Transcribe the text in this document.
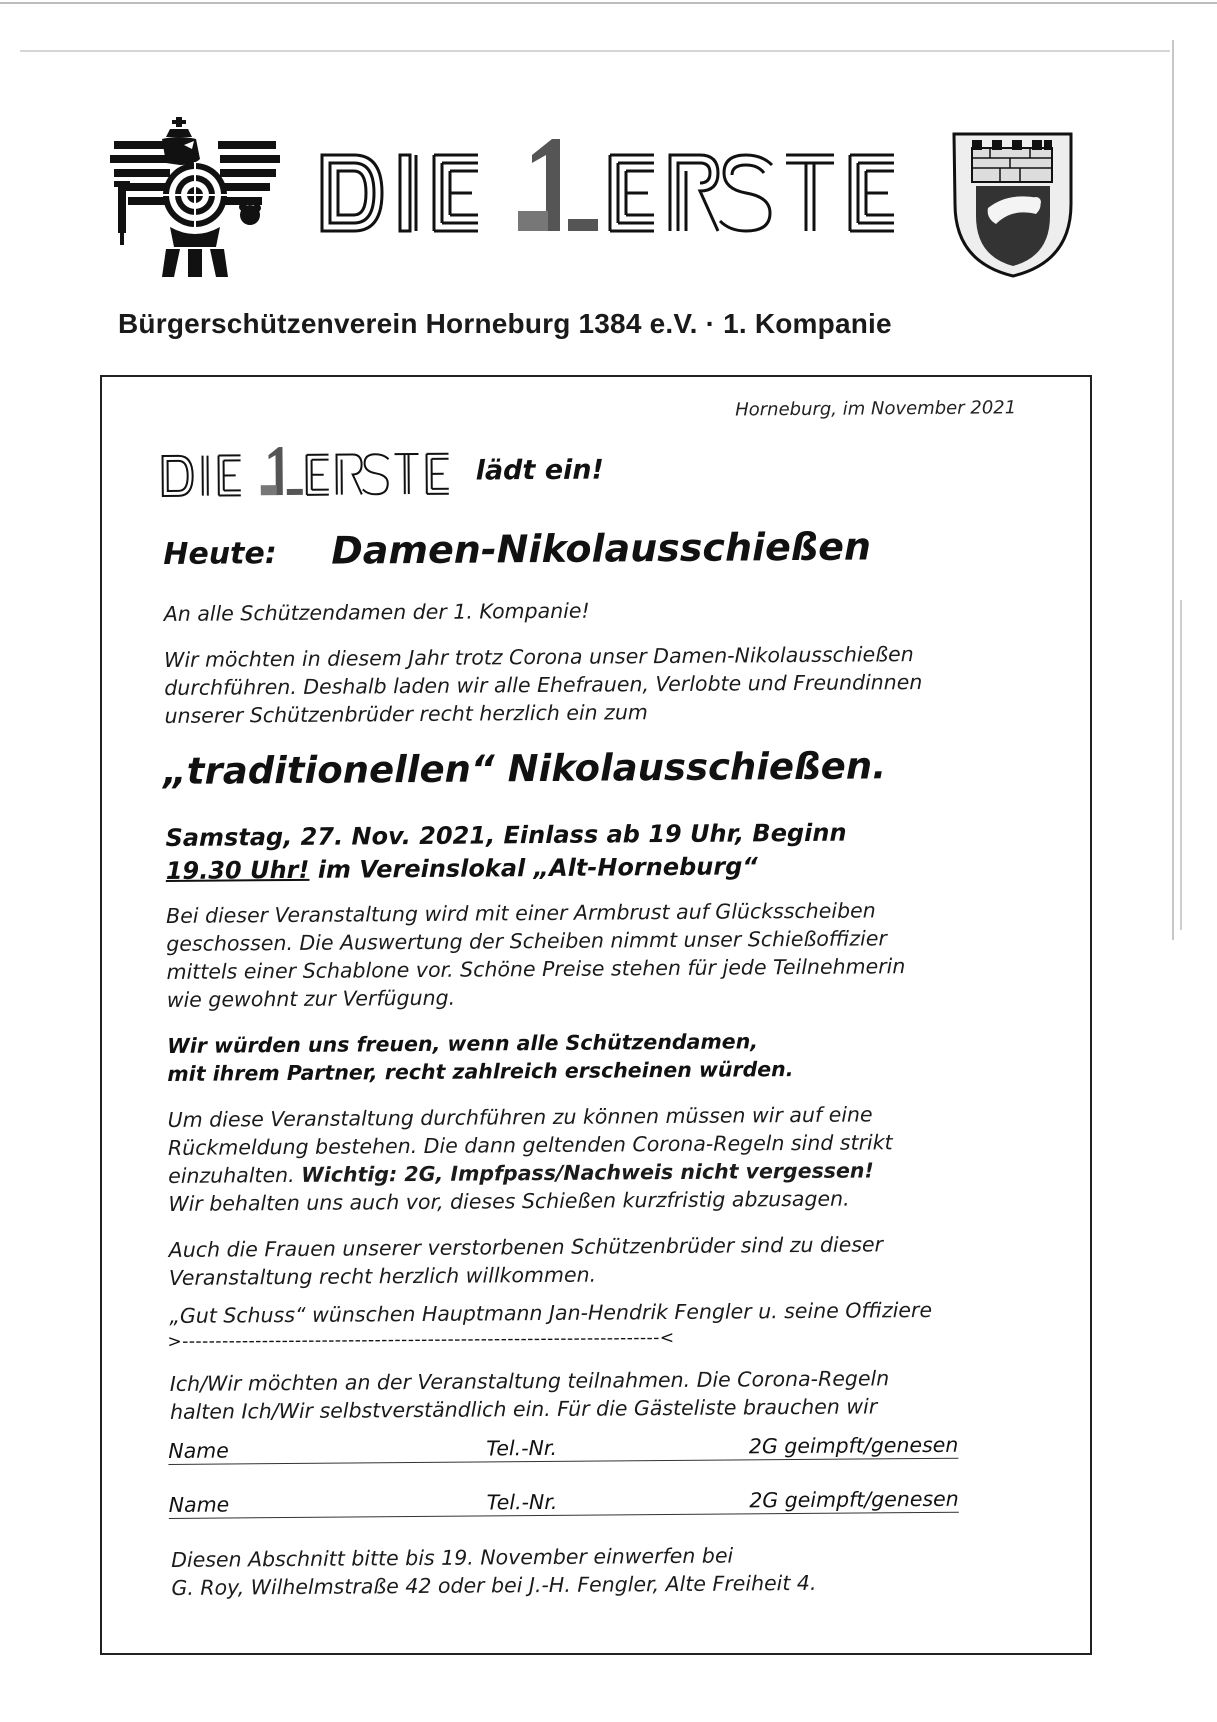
Bürgerschützenverein Horneburg 1384 e.V. · 1. Kompanie
Horneburg, im November 2021
lädt ein!
Heute: Damen-Nikolausschießen
An alle Schützendamen der 1. Kompanie!
Wir möchten in diesem Jahr trotz Corona unser Damen-Nikolausschießen
durchführen. Deshalb laden wir alle Ehefrauen, Verlobte und Freundinnen
unserer Schützenbrüder recht herzlich ein zum
„traditionellen“ Nikolausschießen.
Samstag, 27. Nov. 2021, Einlass ab 19 Uhr, Beginn
19.30 Uhr! im Vereinslokal „Alt-Horneburg“
Bei dieser Veranstaltung wird mit einer Armbrust auf Glücksscheiben
geschossen. Die Auswertung der Scheiben nimmt unser Schießoffizier
mittels einer Schablone vor. Schöne Preise stehen für jede Teilnehmerin
wie gewohnt zur Verfügung.
Wir würden uns freuen, wenn alle Schützendamen,
mit ihrem Partner, recht zahlreich erscheinen würden.
Um diese Veranstaltung durchführen zu können müssen wir auf eine
Rückmeldung bestehen. Die dann geltenden Corona-Regeln sind strikt
einzuhalten. Wichtig: 2G, Impfpass/Nachweis nicht vergessen!
Wir behalten uns auch vor, dieses Schießen kurzfristig abzusagen.
Auch die Frauen unserer verstorbenen Schützenbrüder sind zu dieser
Veranstaltung recht herzlich willkommen.
„Gut Schuss“ wünschen Hauptmann Jan-Hendrik Fengler u. seine Offiziere
>------------------------------------------------------------------------<
Ich/Wir möchten an der Veranstaltung teilnahmen. Die Corona-Regeln
halten Ich/Wir selbstverständlich ein. Für die Gästeliste brauchen wir
Name	Tel.-Nr.	2G geimpft/genesen
Name	Tel.-Nr.	2G geimpft/genesen
Diesen Abschnitt bitte bis 19. November einwerfen bei
G. Roy, Wilhelmstraße 42 oder bei J.-H. Fengler, Alte Freiheit 4.
